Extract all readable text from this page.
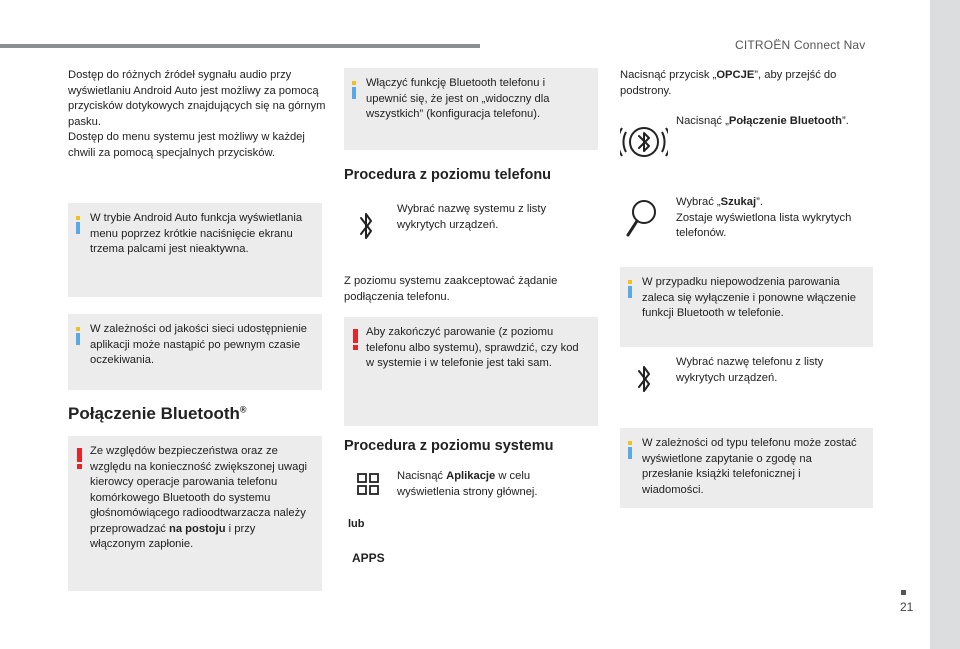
CITROËN Connect Nav
21
Dostęp do różnych źródeł sygnału audio przy wyświetlaniu Android Auto jest możliwy za pomocą przycisków dotykowych znajdujących się na górnym pasku.
Dostęp do menu systemu jest możliwy w każdej chwili za pomocą specjalnych przycisków.
W trybie Android Auto funkcja wyświetlania menu poprzez krótkie naciśnięcie ekranu trzema palcami jest nieaktywna.
W zależności od jakości sieci udostępnienie aplikacji może nastąpić po pewnym czasie oczekiwania.
Połączenie Bluetooth®
Ze względów bezpieczeństwa oraz ze względu na konieczność zwiększonej uwagi kierowcy operacje parowania telefonu komórkowego Bluetooth do systemu głośnomówiącego radioodtwarzacza należy przeprowadzać na postoju i przy włączonym zapłonie.
Włączyć funkcję Bluetooth telefonu i upewnić się, że jest on „widoczny dla wszystkich” (konfiguracja telefonu).
Procedura z poziomu telefonu
Wybrać nazwę systemu z listy wykrytych urządzeń.
Z poziomu systemu zaakceptować żądanie podłączenia telefonu.
Aby zakończyć parowanie (z poziomu telefonu albo systemu), sprawdzić, czy kod w systemie i w telefonie jest taki sam.
Procedura z poziomu systemu
Nacisnąć Aplikacje w celu wyświetlenia strony głównej.
lub
APPS
Nacisnąć przycisk „OPCJE”, aby przejść do podstrony.
Nacisnąć „Połączenie Bluetooth”.
Wybrać „Szukaj”.
Zostaje wyświetlona lista wykrytych telefonów.
W przypadku niepowodzenia parowania zaleca się wyłączenie i ponowne włączenie funkcji Bluetooth w telefonie.
Wybrać nazwę telefonu z listy wykrytych urządzeń.
W zależności od typu telefonu może zostać wyświetlone zapytanie o zgodę na przesłanie książki telefonicznej i wiadomości.
